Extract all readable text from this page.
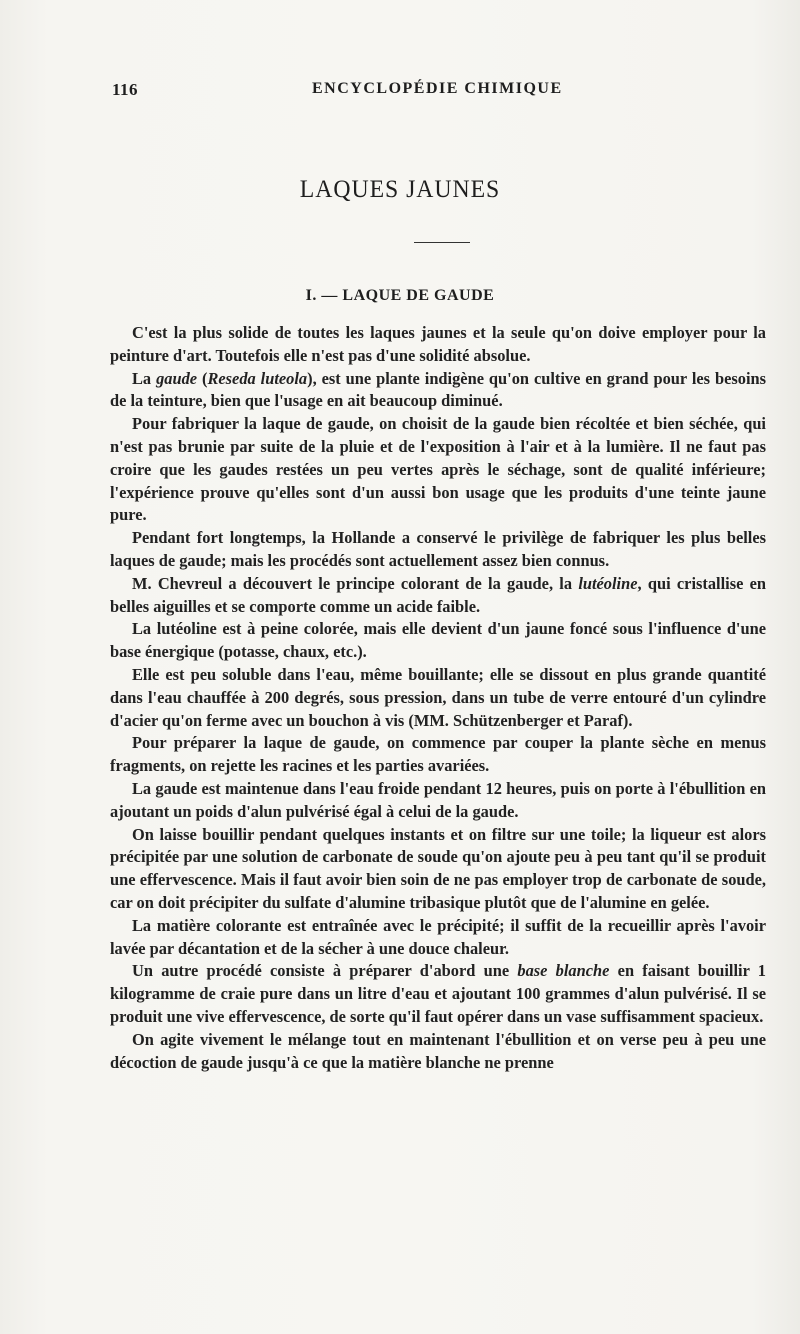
116	ENCYCLOPÉDIE CHIMIQUE
LAQUES JAUNES
I. — LAQUE DE GAUDE

C'est la plus solide de toutes les laques jaunes et la seule qu'on doive employer pour la peinture d'art. Toutefois elle n'est pas d'une solidité absolue.

La gaude (Reseda luteola), est une plante indigène qu'on cultive en grand pour les besoins de la teinture, bien que l'usage en ait beaucoup diminué.

Pour fabriquer la laque de gaude, on choisit de la gaude bien récoltée et bien séchée, qui n'est pas brunie par suite de la pluie et de l'exposition à l'air et à la lumière. Il ne faut pas croire que les gaudes restées un peu vertes après le séchage, sont de qualité inférieure; l'expérience prouve qu'elles sont d'un aussi bon usage que les produits d'une teinte jaune pure.

Pendant fort longtemps, la Hollande a conservé le privilège de fabriquer les plus belles laques de gaude; mais les procédés sont actuellement assez bien connus.

M. Chevreul a découvert le principe colorant de la gaude, la lutéoline, qui cristallise en belles aiguilles et se comporte comme un acide faible.

La lutéoline est à peine colorée, mais elle devient d'un jaune foncé sous l'influence d'une base énergique (potasse, chaux, etc.).

Elle est peu soluble dans l'eau, même bouillante; elle se dissout en plus grande quantité dans l'eau chauffée à 200 degrés, sous pression, dans un tube de verre entouré d'un cylindre d'acier qu'on ferme avec un bouchon à vis (MM. Schützenberger et Paraf).

Pour préparer la laque de gaude, on commence par couper la plante sèche en menus fragments, on rejette les racines et les parties avariées.

La gaude est maintenue dans l'eau froide pendant 12 heures, puis on porte à l'ébullition en ajoutant un poids d'alun pulvérisé égal à celui de la gaude.

On laisse bouillir pendant quelques instants et on filtre sur une toile; la liqueur est alors précipitée par une solution de carbonate de soude qu'on ajoute peu à peu tant qu'il se produit une effervescence. Mais il faut avoir bien soin de ne pas employer trop de carbonate de soude, car on doit précipiter du sulfate d'alumine tribasique plutôt que de l'alumine en gelée.

La matière colorante est entraînée avec le précipité; il suffit de la recueillir après l'avoir lavée par décantation et de la sécher à une douce chaleur.

Un autre procédé consiste à préparer d'abord une base blanche en faisant bouillir 1 kilogramme de craie pure dans un litre d'eau et ajoutant 100 grammes d'alun pulvérisé. Il se produit une vive effervescence, de sorte qu'il faut opérer dans un vase suffisamment spacieux.

On agite vivement le mélange tout en maintenant l'ébullition et on verse peu à peu une décoction de gaude jusqu'à ce que la matière blanche ne prenne
